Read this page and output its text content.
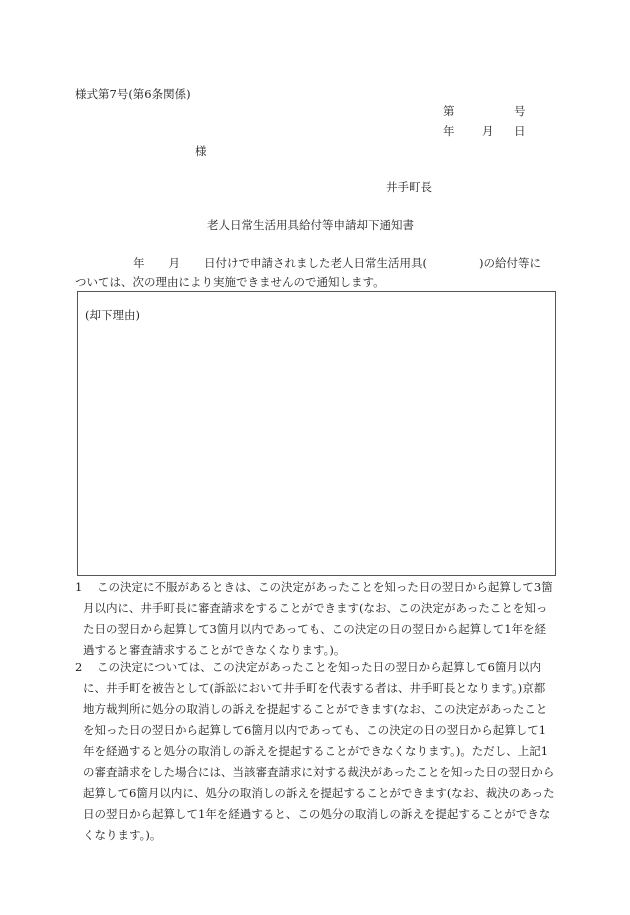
様式第7号(第6条関係)
第	号
年 月 日
様
井手町長
老人日常生活用具給付等申請却下通知書
年 月 日付けで申請されました老人日常生活用具(	)の給付等に
ついては、次の理由により実施できませんので通知します。
(却下理由)
1	この決定に不服があるときは、この決定があったことを知った日の翌日から起算して3箇月以内に、井手町長に審査請求をすることができます(なお、この決定があったことを知った日の翌日から起算して3箇月以内であっても、この決定の日の翌日から起算して1年を経過すると審査請求することができなくなります。)。
2	この決定については、この決定があったことを知った日の翌日から起算して6箇月以内に、井手町を被告として(訴訟において井手町を代表する者は、井手町長となります。)京都地方裁判所に処分の取消しの訴えを提起することができます(なお、この決定があったことを知った日の翌日から起算して6箇月以内であっても、この決定の日の翌日から起算して1年を経過すると処分の取消しの訴えを提起することができなくなります。)。ただし、上記1の審査請求をした場合には、当該審査請求に対する裁決があったことを知った日の翌日から起算して6箇月以内に、処分の取消しの訴えを提起することができます(なお、裁決のあった日の翌日から起算して1年を経過すると、この処分の取消しの訴えを提起することができなくなります。)。
